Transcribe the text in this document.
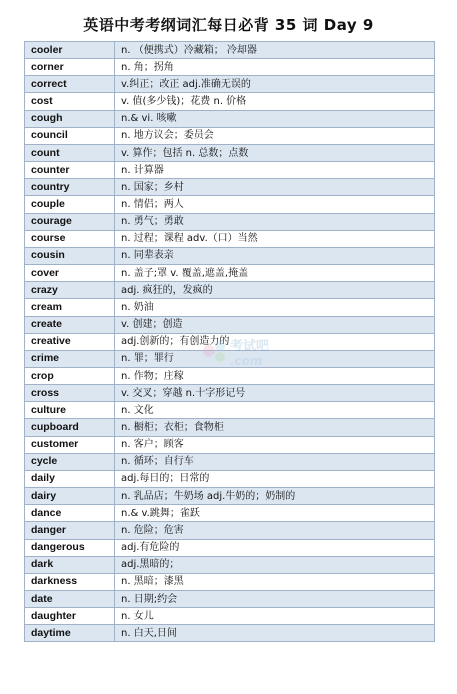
英语中考考纲词汇每日必背 35 词 Day 9
cooler	n. （便携式）冷藏箱； 冷却器
corner	n. 角；拐角
correct	v.纠正；改正 adj.准确无误的
cost	v. 值(多少钱)；花费 n. 价格
cough	n.& vi. 咳嗽
council	n. 地方议会；委员会
count	v. 算作；包括 n. 总数；点数
counter	n. 计算器
country	n. 国家；乡村
couple	n. 情侣；两人
courage	n. 勇气；勇敢
course	n. 过程；课程 adv.（口）当然
cousin	n. 同辈表亲
cover	n. 盖子;罩 v. 覆盖,遮盖,掩盖
crazy	adj. 疯狂的，发疯的
cream	n. 奶油
create	v. 创建；创造
creative	adj.创新的；有创造力的
crime	n. 罪；罪行
crop	n. 作物；庄稼
cross	v. 交叉；穿越 n.十字形记号
culture	n. 文化
cupboard	n. 橱柜；衣柜；食物柜
customer	n. 客户；顾客
cycle	n. 循环；自行车
daily	adj.每日的；日常的
dairy	n. 乳品店；牛奶场 adj.牛奶的；奶制的
dance	n.& v.跳舞；雀跃
danger	n. 危险；危害
dangerous	adj.有危险的
dark	adj.黑暗的；
darkness	n. 黑暗；漆黑
date	n. 日期;约会
daughter	n. 女儿
daytime	n. 白天,日间
考试吧
.com
